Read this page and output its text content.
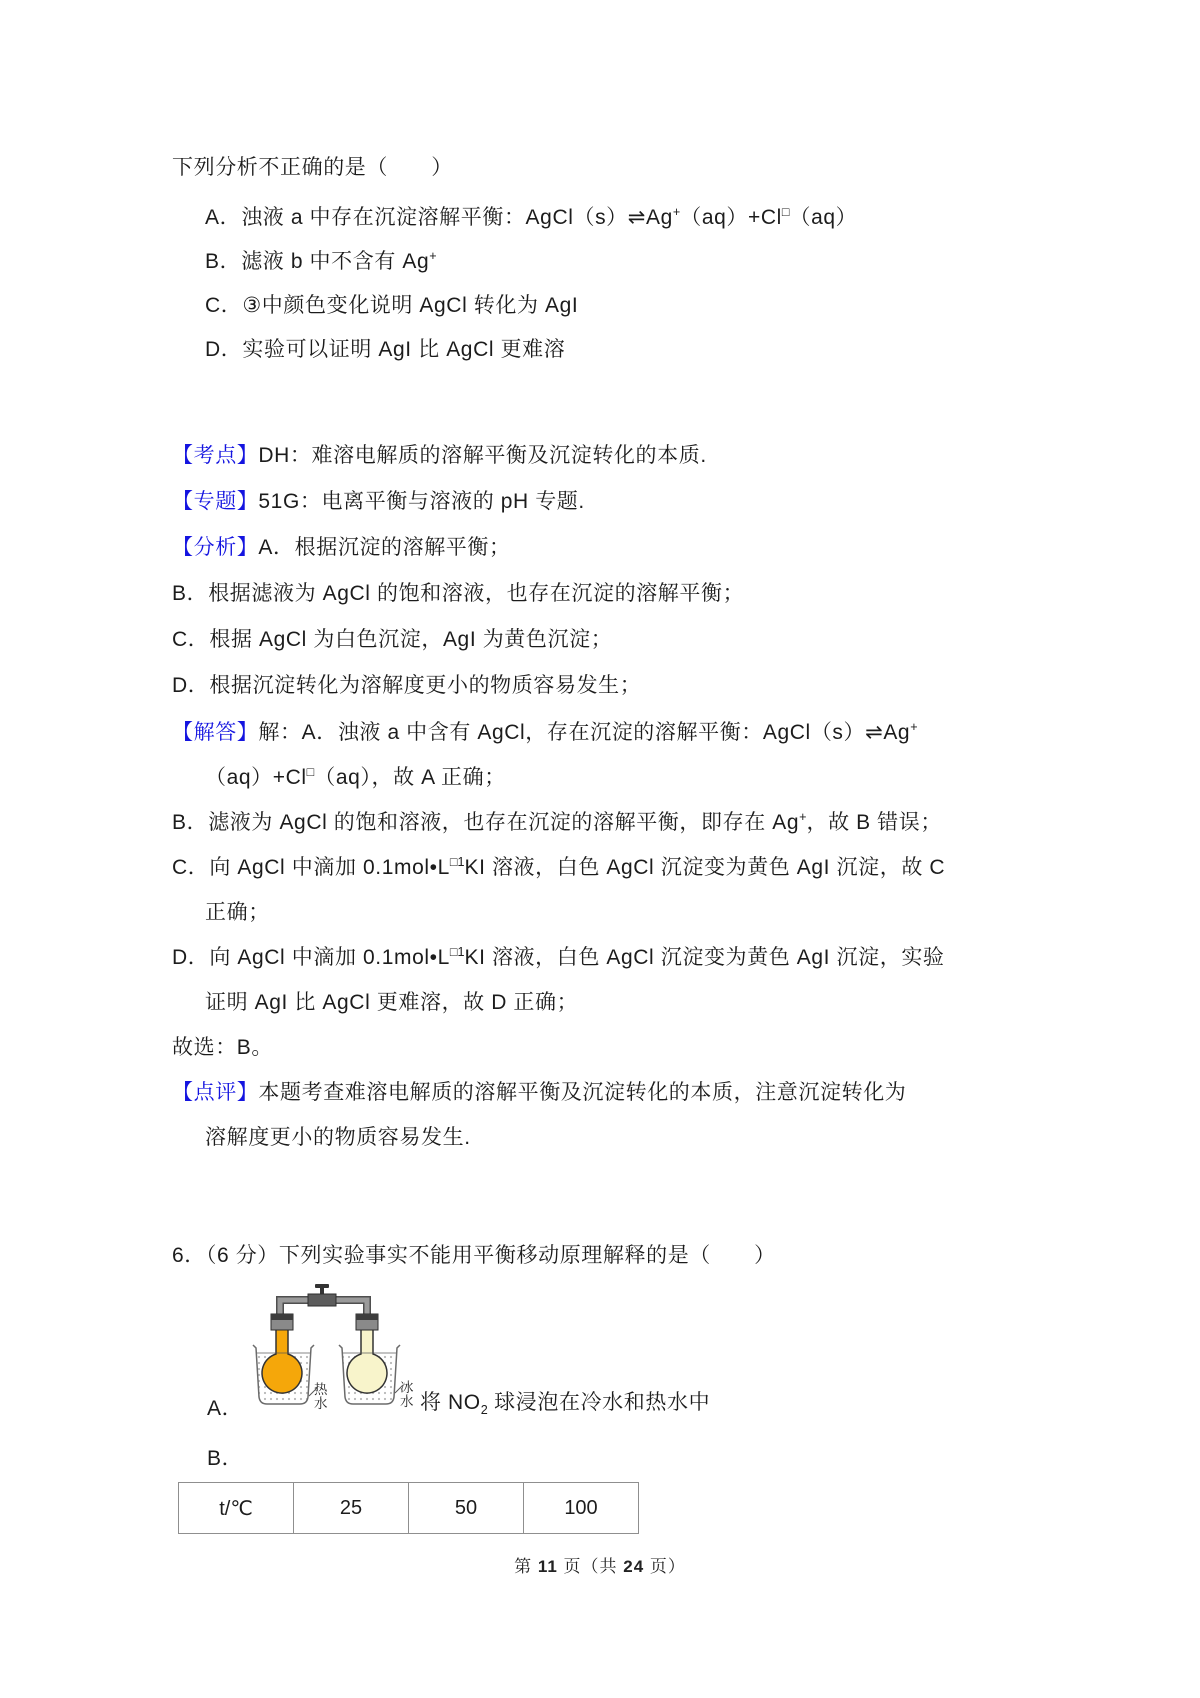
下列分析不正确的是（　　）
A．浊液 a 中存在沉淀溶解平衡：AgCl（s）⇌Ag+（aq）+Cl□（aq）
B．滤液 b 中不含有 Ag+
C．③中颜色变化说明 AgCl 转化为 AgI
D．实验可以证明 AgI 比 AgCl 更难溶
【考点】DH：难溶电解质的溶解平衡及沉淀转化的本质.
【专题】51G：电离平衡与溶液的 pH 专题.
【分析】A．根据沉淀的溶解平衡；
B．根据滤液为 AgCl 的饱和溶液，也存在沉淀的溶解平衡；
C．根据 AgCl 为白色沉淀，AgI 为黄色沉淀；
D．根据沉淀转化为溶解度更小的物质容易发生；
【解答】解：A．浊液 a 中含有 AgCl，存在沉淀的溶解平衡：AgCl（s）⇌Ag+
（aq）+Cl□（aq），故 A 正确；
B．滤液为 AgCl 的饱和溶液，也存在沉淀的溶解平衡，即存在 Ag+，故 B 错误；
C．向 AgCl 中滴加 $0.1mol•L^{□1}KI$ 溶液，白色 AgCl 沉淀变为黄色 AgI 沉淀，故 C
正确；
D．向 AgCl 中滴加 $0.1mol•L^{□1}KI$ 溶液，白色 AgCl 沉淀变为黄色 AgI 沉淀，实验
证明 AgI 比 AgCl 更难溶，故 D 正确；
故选：B。
【点评】本题考查难溶电解质的溶解平衡及沉淀转化的本质，注意沉淀转化为
溶解度更小的物质容易发生.
6．（6 分）下列实验事实不能用平衡移动原理解释的是（　　）
热水
冰水
A．	将 $NO_2$ 球浸泡在冷水和热水中
B．
t/℃	25	50	100
第 11 页（共 24 页）
